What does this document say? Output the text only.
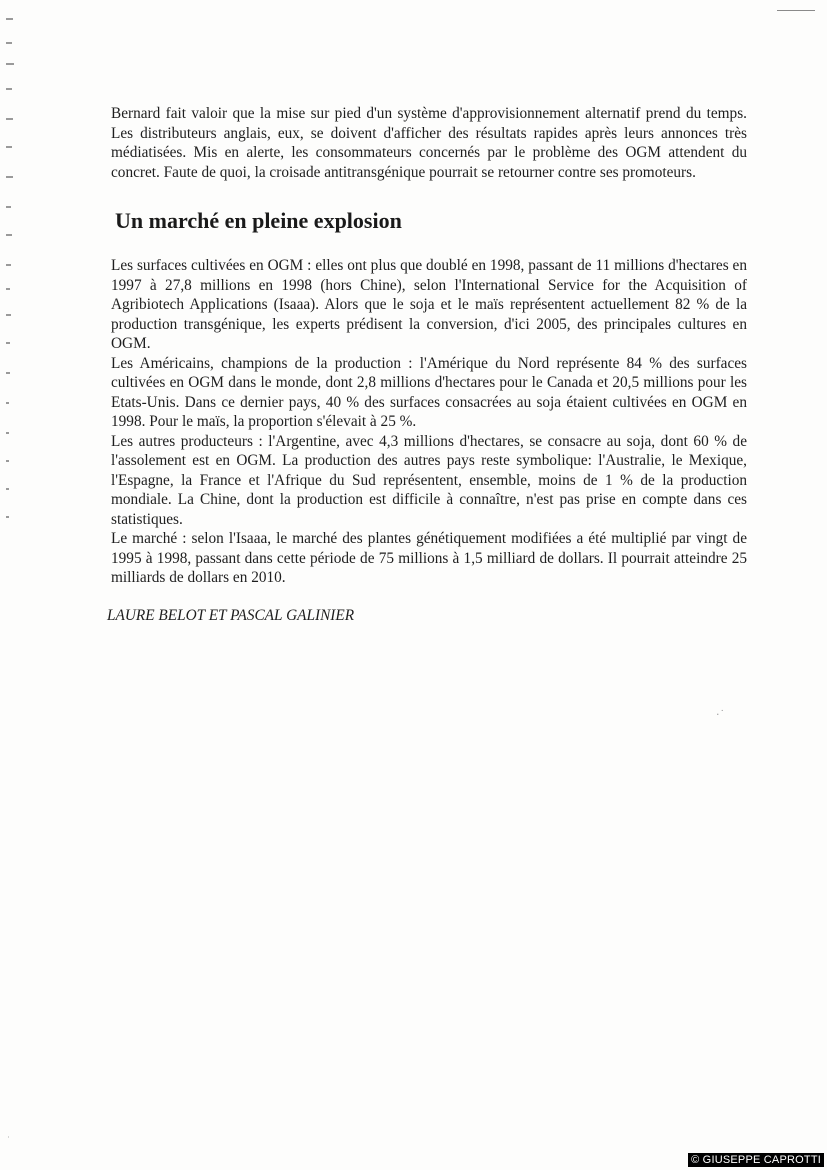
Bernard fait valoir que la mise sur pied d'un système d'approvisionnement alternatif prend du temps. Les distributeurs anglais, eux, se doivent d'afficher des résultats rapides après leurs annonces très médiatisées. Mis en alerte, les consommateurs concernés par le problème des OGM attendent du concret. Faute de quoi, la croisade antitransgénique pourrait se retourner contre ses promoteurs.

Un marché en pleine explosion

Les surfaces cultivées en OGM : elles ont plus que doublé en 1998, passant de 11 millions d'hectares en 1997 à 27,8 millions en 1998 (hors Chine), selon l'International Service for the Acquisition of Agribiotech Applications (Isaaa). Alors que le soja et le maïs représentent actuellement 82 % de la production transgénique, les experts prédisent la conversion, d'ici 2005, des principales cultures en OGM.

Les Américains, champions de la production : l'Amérique du Nord représente 84 % des surfaces cultivées en OGM dans le monde, dont 2,8 millions d'hectares pour le Canada et 20,5 millions pour les Etats-Unis. Dans ce dernier pays, 40 % des surfaces consacrées au soja étaient cultivées en OGM en 1998. Pour le maïs, la proportion s'élevait à 25 %.

Les autres producteurs : l'Argentine, avec 4,3 millions d'hectares, se consacre au soja, dont 60 % de l'assolement est en OGM. La production des autres pays reste symbolique: l'Australie, le Mexique, l'Espagne, la France et l'Afrique du Sud représentent, ensemble, moins de 1 % de la production mondiale. La Chine, dont la production est difficile à connaître, n'est pas prise en compte dans ces statistiques.

Le marché : selon l'Isaaa, le marché des plantes génétiquement modifiées a été multiplié par vingt de 1995 à 1998, passant dans cette période de 75 millions à 1,5 milliard de dollars. Il pourrait atteindre 25 milliards de dollars en 2010.

LAURE BELOT ET PASCAL GALINIER

·˙
˙
© GIUSEPPE CAPROTTI
